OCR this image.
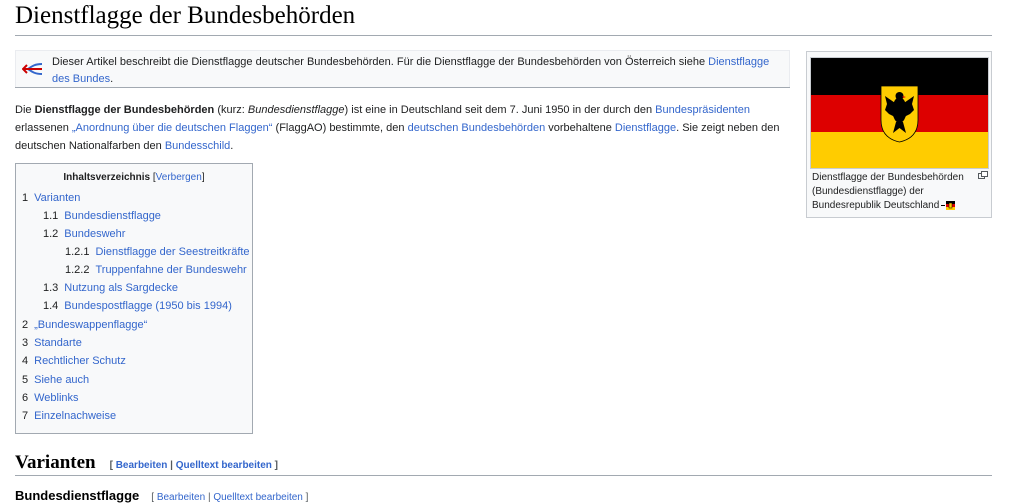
Dienstflagge der Bundesbehörden
Dieser Artikel beschreibt die Dienstflagge deutscher Bundesbehörden. Für die Dienstflagge der Bundesbehörden von Österreich siehe Dienstflagge des Bundes.
Dienstflagge der Bundesbehörden (Bundesdienstflagge) der Bundesrepublik Deutschland
Die Dienstflagge der Bundesbehörden (kurz: Bundesdienstflagge) ist eine in Deutschland seit dem 7. Juni 1950 in der durch den Bundespräsidenten erlassenen „Anordnung über die deutschen Flaggen“ (FlaggAO) bestimmte, den deutschen Bundesbehörden vorbehaltene Dienstflagge. Sie zeigt neben den deutschen Nationalfarben den Bundesschild.
Inhaltsverzeichnis [Verbergen]
1 Varianten
1.1 Bundesdienstflagge
1.2 Bundeswehr
1.2.1 Dienstflagge der Seestreitkräfte
1.2.2 Truppenfahne der Bundeswehr
1.3 Nutzung als Sargdecke
1.4 Bundespostflagge (1950 bis 1994)
2 „Bundeswappenflagge“
3 Standarte
4 Rechtlicher Schutz
5 Siehe auch
6 Weblinks
7 Einzelnachweise
Varianten [ Bearbeiten | Quelltext bearbeiten ]
Bundesdienstflagge [ Bearbeiten | Quelltext bearbeiten ]
